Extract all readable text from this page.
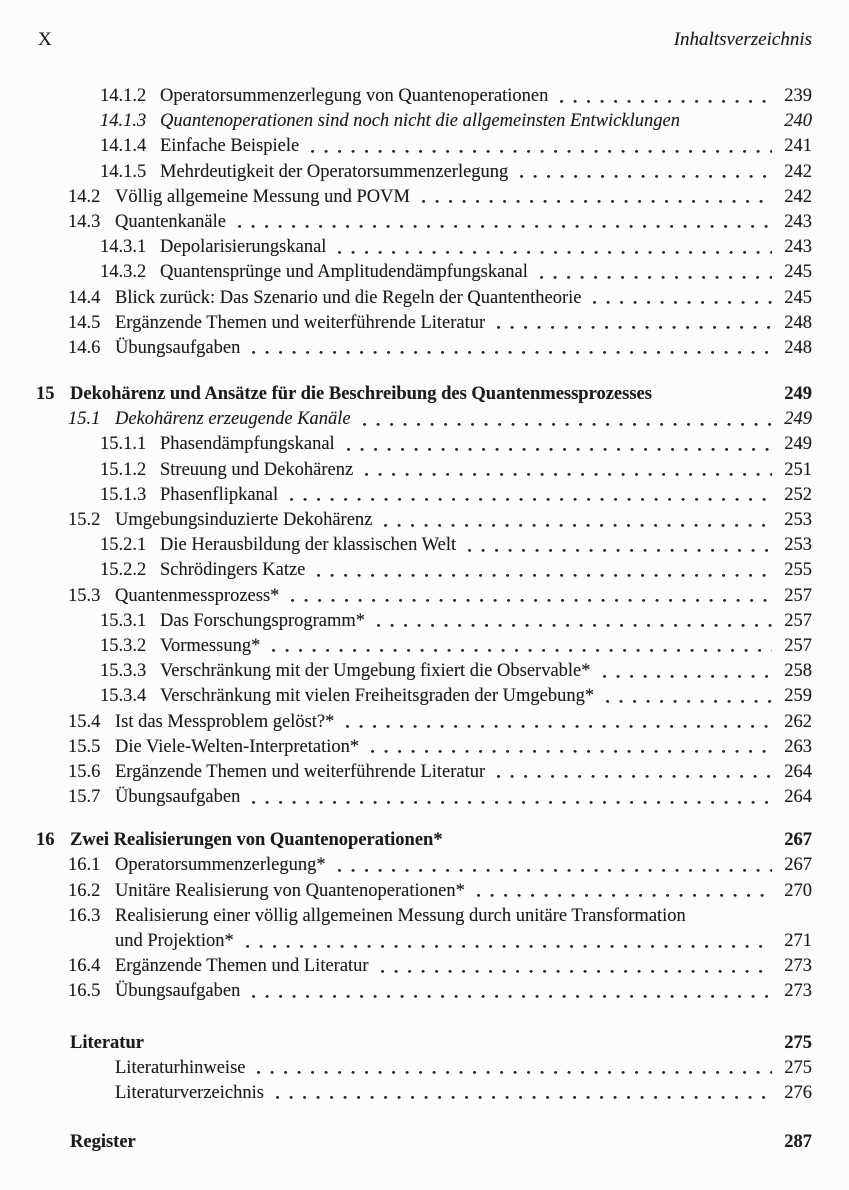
X	Inhaltsverzeichnis
14.1.2 Operatorsummenzerlegung von Quantenoperationen	239
14.1.3 Quantenoperationen sind noch nicht die allgemeinsten Entwicklungen	240
14.1.4 Einfache Beispiele	241
14.1.5 Mehrdeutigkeit der Operatorsummenzerlegung	242
14.2 Völlig allgemeine Messung und POVM	242
14.3 Quantenkanäle	243
14.3.1 Depolarisierungskanal	243
14.3.2 Quantensprünge und Amplitudendämpfungskanal	245
14.4 Blick zurück: Das Szenario und die Regeln der Quantentheorie	245
14.5 Ergänzende Themen und weiterführende Literatur	248
14.6 Übungsaufgaben	248
15 Dekohärenz und Ansätze für die Beschreibung des Quantenmessprozesses	249
15.1 Dekohärenz erzeugende Kanäle	249
15.1.1 Phasendämpfungskanal	249
15.1.2 Streuung und Dekohärenz	251
15.1.3 Phasenflipkanal	252
15.2 Umgebungsinduzierte Dekohärenz	253
15.2.1 Die Herausbildung der klassischen Welt	253
15.2.2 Schrödingers Katze	255
15.3 Quantenmessprozess*	257
15.3.1 Das Forschungsprogramm*	257
15.3.2 Vormessung*	257
15.3.3 Verschränkung mit der Umgebung fixiert die Observable*	258
15.3.4 Verschränkung mit vielen Freiheitsgraden der Umgebung*	259
15.4 Ist das Messproblem gelöst?*	262
15.5 Die Viele-Welten-Interpretation*	263
15.6 Ergänzende Themen und weiterführende Literatur	264
15.7 Übungsaufgaben	264
16 Zwei Realisierungen von Quantenoperationen*	267
16.1 Operatorsummenzerlegung*	267
16.2 Unitäre Realisierung von Quantenoperationen*	270
16.3 Realisierung einer völlig allgemeinen Messung durch unitäre Transformation
und Projektion*	271
16.4 Ergänzende Themen und Literatur	273
16.5 Übungsaufgaben	273
Literatur	275
Literaturhinweise	275
Literaturverzeichnis	276
Register	287
